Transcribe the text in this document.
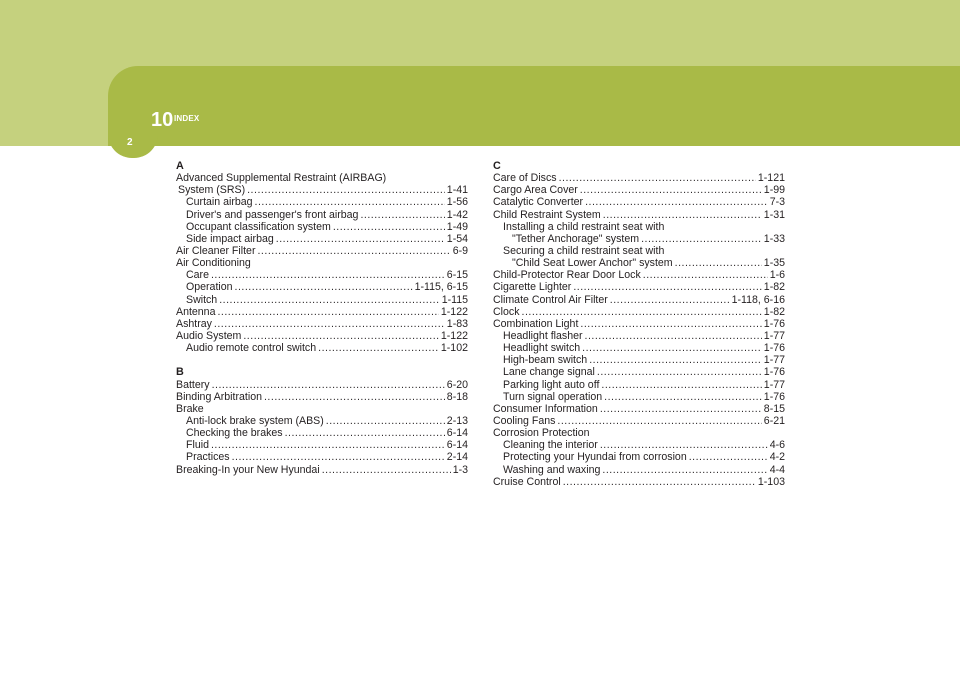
10 INDEX
2
A
Advanced Supplemental Restraint (AIRBAG)
System (SRS) .....	1-41
Curtain airbag .....	1-56
Driver's and passenger's front airbag .....	1-42
Occupant classification system .....	1-49
Side impact airbag .....	1-54
Air Cleaner Filter .....	6-9
Air Conditioning
Care .....	6-15
Operation .....	1-115, 6-15
Switch .....	1-115
Antenna .....	1-122
Ashtray .....	1-83
Audio System .....	1-122
Audio remote control switch .....	1-102
B
Battery .....	6-20
Binding Arbitration .....	8-18
Brake
Anti-lock brake system (ABS) .....	2-13
Checking the brakes .....	6-14
Fluid .....	6-14
Practices .....	2-14
Breaking-In your New Hyundai .....	1-3
C
Care of Discs .....	1-121
Cargo Area Cover .....	1-99
Catalytic Converter .....	7-3
Child Restraint System .....	1-31
Installing a child restraint seat with
"Tether Anchorage" system .....	1-33
Securing a child restraint seat with
"Child Seat Lower Anchor" system .....	1-35
Child-Protector Rear Door Lock .....	1-6
Cigarette Lighter .....	1-82
Climate Control Air Filter .....	1-118, 6-16
Clock .....	1-82
Combination Light .....	1-76
Headlight flasher .....	1-77
Headlight switch .....	1-76
High-beam switch .....	1-77
Lane change signal .....	1-76
Parking light auto off .....	1-77
Turn signal operation .....	1-76
Consumer Information .....	8-15
Cooling Fans .....	6-21
Corrosion Protection
Cleaning the interior .....	4-6
Protecting your Hyundai from corrosion .....	4-2
Washing and waxing .....	4-4
Cruise Control .....	1-103
